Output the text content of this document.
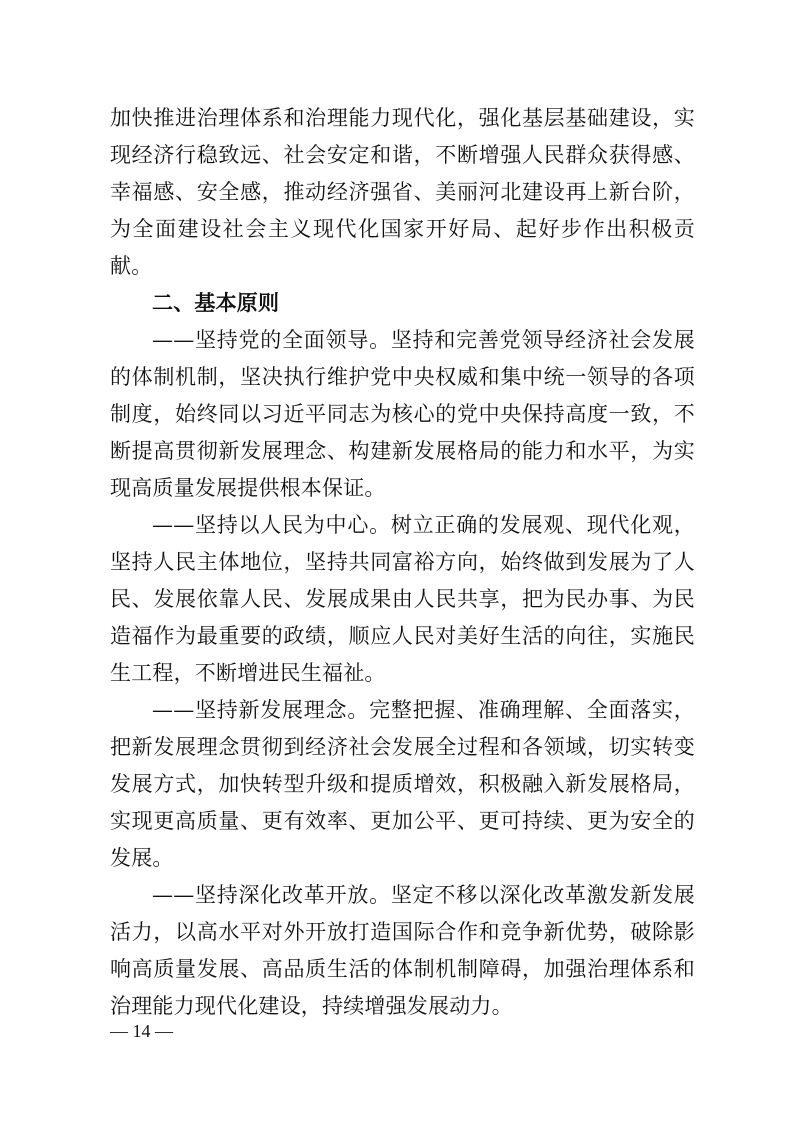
加快推进治理体系和治理能力现代化，强化基层基础建设，实现经济行稳致远、社会安定和谐，不断增强人民群众获得感、幸福感、安全感，推动经济强省、美丽河北建设再上新台阶，为全面建设社会主义现代化国家开好局、起好步作出积极贡献。

二、基本原则

——坚持党的全面领导。坚持和完善党领导经济社会发展的体制机制，坚决执行维护党中央权威和集中统一领导的各项制度，始终同以习近平同志为核心的党中央保持高度一致，不断提高贯彻新发展理念、构建新发展格局的能力和水平，为实现高质量发展提供根本保证。

——坚持以人民为中心。树立正确的发展观、现代化观，坚持人民主体地位，坚持共同富裕方向，始终做到发展为了人民、发展依靠人民、发展成果由人民共享，把为民办事、为民造福作为最重要的政绩，顺应人民对美好生活的向往，实施民生工程，不断增进民生福祉。

——坚持新发展理念。完整把握、准确理解、全面落实，把新发展理念贯彻到经济社会发展全过程和各领域，切实转变发展方式，加快转型升级和提质增效，积极融入新发展格局，实现更高质量、更有效率、更加公平、更可持续、更为安全的发展。

——坚持深化改革开放。坚定不移以深化改革激发新发展活力，以高水平对外开放打造国际合作和竞争新优势，破除影响高质量发展、高品质生活的体制机制障碍，加强治理体系和治理能力现代化建设，持续增强发展动力。

— 14 —
